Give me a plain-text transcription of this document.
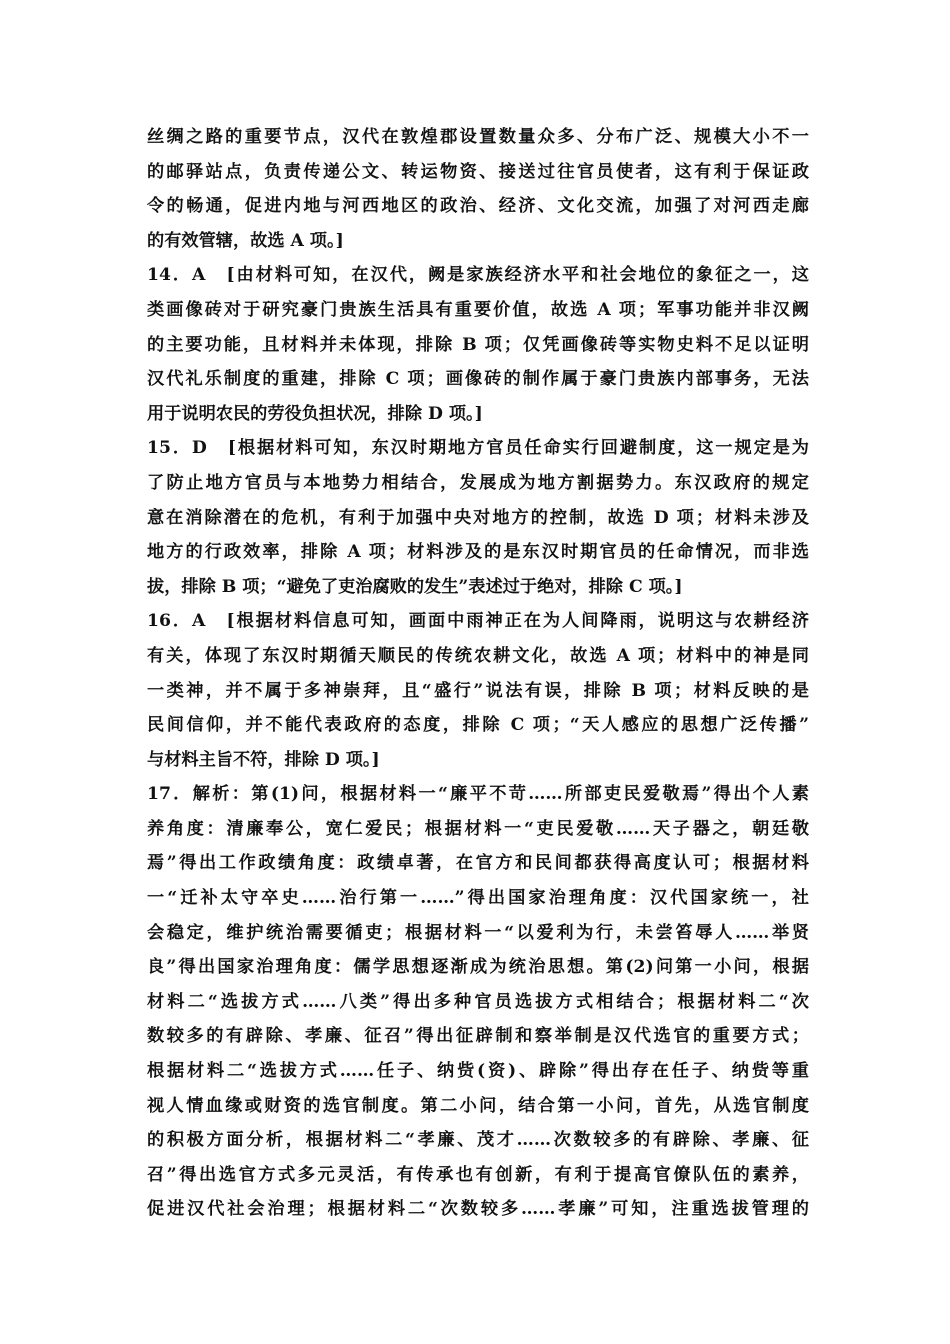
丝绸之路的重要节点，汉代在敦煌郡设置数量众多、分布广泛、规模大小不一
的邮驿站点，负责传递公文、转运物资、接送过往官员使者，这有利于保证政
令的畅通，促进内地与河西地区的政治、经济、文化交流，加强了对河西走廊
的有效管辖，故选 A 项。]
14．A　[由材料可知，在汉代，阙是家族经济水平和社会地位的象征之一，这
类画像砖对于研究豪门贵族生活具有重要价值，故选 A 项；军事功能并非汉阙
的主要功能，且材料并未体现，排除 B 项；仅凭画像砖等实物史料不足以证明
汉代礼乐制度的重建，排除 C 项；画像砖的制作属于豪门贵族内部事务，无法
用于说明农民的劳役负担状况，排除 D 项。]
15．D　[根据材料可知，东汉时期地方官员任命实行回避制度，这一规定是为
了防止地方官员与本地势力相结合，发展成为地方割据势力。东汉政府的规定
意在消除潜在的危机，有利于加强中央对地方的控制，故选 D 项；材料未涉及
地方的行政效率，排除 A 项；材料涉及的是东汉时期官员的任命情况，而非选
拔，排除 B 项；“避免了吏治腐败的发生”表述过于绝对，排除 C 项。]
16．A　[根据材料信息可知，画面中雨神正在为人间降雨，说明这与农耕经济
有关，体现了东汉时期循天顺民的传统农耕文化，故选 A 项；材料中的神是同
一类神，并不属于多神崇拜，且“盛行”说法有误，排除 B 项；材料反映的是
民间信仰，并不能代表政府的态度，排除 C 项；“天人感应的思想广泛传播”
与材料主旨不符，排除 D 项。]
17．解析：第(1)问，根据材料一“廉平不苛……所部吏民爱敬焉”得出个人素
养角度：清廉奉公，宽仁爱民；根据材料一“吏民爱敬……天子器之，朝廷敬
焉”得出工作政绩角度：政绩卓著，在官方和民间都获得高度认可；根据材料
一“迁补太守卒史……治行第一……”得出国家治理角度：汉代国家统一，社
会稳定，维护统治需要循吏；根据材料一“以爱利为行，未尝笞辱人……举贤
良”得出国家治理角度：儒学思想逐渐成为统治思想。第(2)问第一小问，根据
材料二“选拔方式……八类”得出多种官员选拔方式相结合；根据材料二“次
数较多的有辟除、孝廉、征召”得出征辟制和察举制是汉代选官的重要方式；
根据材料二“选拔方式……任子、纳赀(资)、辟除”得出存在任子、纳赀等重
视人情血缘或财资的选官制度。第二小问，结合第一小问，首先，从选官制度
的积极方面分析，根据材料二“孝廉、茂才……次数较多的有辟除、孝廉、征
召”得出选官方式多元灵活，有传承也有创新，有利于提高官僚队伍的素养，
促进汉代社会治理；根据材料二“次数较多……孝廉”可知，注重选拔管理的
